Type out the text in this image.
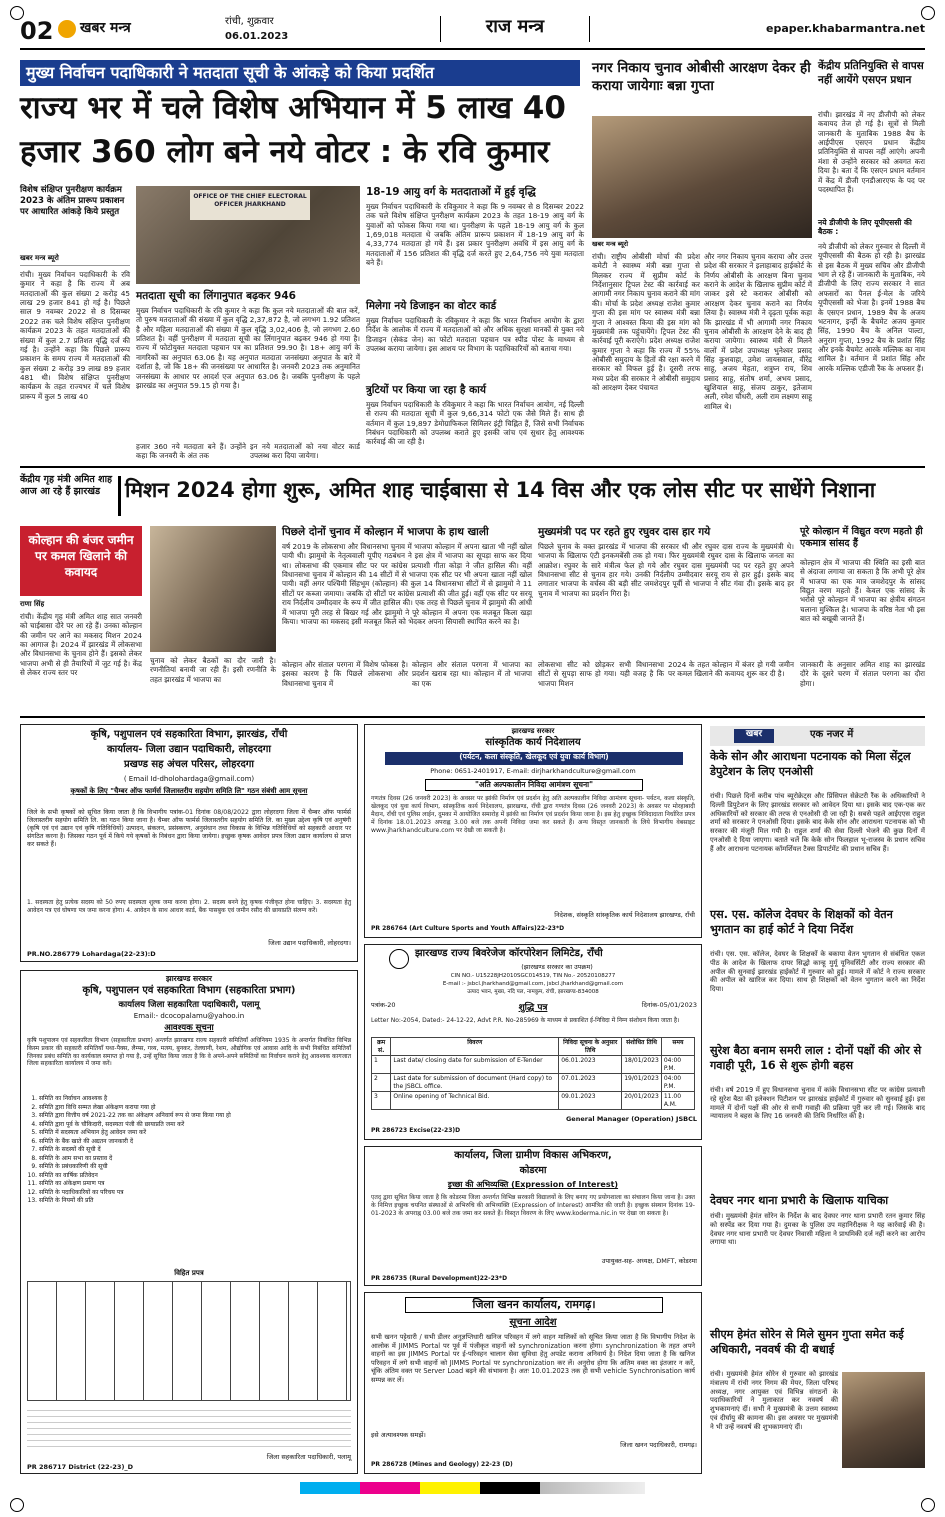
02 खबर मन्त्र	रांची, शुक्रवार
06.01.2023	राज मन्त्र	epaper.khabarmantra.net
मुख्य निर्वाचन पदाधिकारी ने मतदाता सूची के आंकड़े को किया प्रदर्शित
राज्य भर में चले विशेष अभियान में 5 लाख 40
हजार 360 लोग बने नये वोटर : के रवि कुमार
विशेष संक्षिप्त पुनरीक्षण कार्यक्रम 2023 के अंतिम प्रारूप प्रकाशन पर आधारित आंकड़े किये प्रस्तुत
खबर मन्त्र ब्यूरो
रांची। मुख्य निर्वाचन पदाधिकारी के रवि कुमार ने कहा है कि राज्य में अब मतदाताओं की कुल संख्या 2 करोड़ 45 लाख 29 हजार 841 हो गई है। पिछले साल 9 नवम्बर 2022 से 8 दिसम्बर 2022 तक चले विशेष संक्षिप्त पुनरीक्षण कार्यक्रम 2023 के तहत मतदाताओं की संख्या में कुल 2.7 प्रतिशत वृद्धि दर्ज की गई है। उन्होंने कहा कि पिछले प्रारूप प्रकाशन के समय राज्य में मतदाताओं की कुल संख्या 2 करोड़ 39 लाख 89 हजार 481 थी। विशेष संक्षिप्त पुनरीक्षण कार्यक्रम के तहत राज्यभर में चले विशेष प्रारूप में कुल 5 लाख 40
OFFICE OF THE CHIEF ELECTORAL OFFICER JHARKHAND
मतदाता सूची का लिंगानुपात बढ़कर 946
मुख्य निर्वाचन पदाधिकारी के रवि कुमार ने कहा कि कुल नये मतदाताओं की बात करें, तो पुरुष मतदाताओं की संख्या में कुल वृद्धि 2,37,872 है, जो लगभग 1.92 प्रतिशत है और महिला मतदाताओं की संख्या में कुल वृद्धि 3,02,406 है, जो लगभग 2.60 प्रतिशत है। वहीं पुनरीक्षण में मतदाता सूची का लिंगानुपात बढ़कर 946 हो गया है। राज्य में फोटोयुक्त मतदाता पहचान पत्र का प्रतिशत 99.90 है। 18+ आयु वर्ग के नागरिकों का अनुपात 63.06 है। यह अनुपात मतदाता जनसंख्या अनुपात के बारे में दर्शाता है, जो कि 18+ की जनसंख्या पर आधारित है। जनवरी 2023 तक अनुमानित जनसंख्या के आधार पर आदर्श एज अनुपात 63.06 है। जबकि पुनरीक्षण के पहले झारखंड का अनुपात 59.15 हो गया है।
हजार 360 नये मतदाता बने हैं। उन्होंने कहा कि जनवरी के अंत तक
इन नये मतदाताओं को नया वोटर कार्ड उपलब्ध करा दिया जायेगा।
18-19 आयु वर्ग के मतदाताओं में हुई वृद्धि
मुख्य निर्वाचन पदाधिकारी के रविकुमार ने कहा कि 9 नवम्बर से 8 दिसम्बर 2022 तक चले विशेष संक्षिप्त पुनरीक्षण कार्यक्रम 2023 के तहत 18-19 आयु वर्ग के युवाओं को फोकस किया गया था। पुनरीक्षण के पहले 18-19 आयु वर्ग के कुल 1,69,018 मतदाता थे जबकि अंतिम प्रारूप प्रकाशन में 18-19 आयु वर्ग के 4,33,774 मतदाता हो गये हैं। इस प्रकार पुनरीक्षण अवधि में इस आयु वर्ग के मतदाताओं में 156 प्रतिशत की वृद्धि दर्ज करते हुए 2,64,756 नये युवा मतदाता बने हैं।
मिलेगा नये डिजाइन का वोटर कार्ड
मुख्य निर्वाचन पदाधिकारी के रविकुमार ने कहा कि भारत निर्वाचन आयोग के द्वारा निर्देश के आलोक में राज्य में मतदाताओं को और अधिक सुरक्षा मानकों से युक्त नये डिजाइन (सेकंड जेन) का फोटो मतदाता पहचान पत्र स्पीड पोस्ट के माध्यम से उपलब्ध कराया जायेगा। इस आशय पर विभाग के पदाधिकारियों को बताया गया।
त्रुटियों पर किया जा रहा है कार्य
मुख्य निर्वाचन पदाधिकारी के रविकुमार ने कहा कि भारत निर्वाचन आयोग, नई दिल्ली से राज्य की मतदाता सूची में कुल 9,66,314 फोटो एक जैसे मिले हैं। साथ ही वर्तमान में कुल 19,897 डेमोग्राफिकल सिमिलर इंट्री चिह्नित हैं, जिसे सभी निर्वाचक निबंधन पदाधिकारी को उपलब्ध कराते हुए इसकी जांच एवं सुधार हेतु आवश्यक कार्रवाई की जा रही है।
नगर निकाय चुनाव ओबीसी आरक्षण देकर ही कराया जायेगाः बन्ना गुप्ता
खबर मन्त्र ब्यूरो
रांची। राष्ट्रीय ओबीसी मोर्चा की प्रदेश कमेटी ने स्वास्थ्य मंत्री बन्ना गुप्ता से मिलकर राज्य में सुप्रीम कोर्ट के निर्देशानुसार ट्रिपल टेस्ट की कार्रवाई कर आगामी नगर निकाय चुनाव कराने की मांग की। मोर्चा के प्रदेश अध्यक्ष राजेश कुमार गुप्ता की इस मांग पर स्वास्थ्य मंत्री बन्ना गुप्ता ने आश्वस्त किया की इस मांग को मुख्यमंत्री तक पहुंचायेंगे। ट्रिपल टेस्ट की कार्रवाई पूरी कराएंगे। प्रदेश अध्यक्ष राजेश कुमार गुप्ता ने कहा कि राज्य में 55% ओबीसी समुदाय के हितों की रक्षा करने में सरकार को विफल हुई है। दूसरी तरफ मध्य प्रदेश की सरकार ने ओबीसी समुदाय को आरक्षण देकर पंचायत
और नगर निकाय चुनाव कराया और उत्तर प्रदेश की सरकार ने इलाहाबाद हाईकोर्ट के निर्णय ओबीसी के आरक्षण बिना चुनाव कराने के आदेश के खिलाफ सुप्रीम कोर्ट में जाकर इसे स्टे कराकर ओबीसी को आरक्षण देकर चुनाव कराने का निर्णय लिया है। स्वास्थ्य मंत्री ने दृढ़ता पूर्वक कहा कि झारखंड में भी आगामी नगर निकाय चुनाव ओबीसी के आरक्षण देने के बाद ही कराया जायेगा। स्वास्थ्य मंत्री से मिलने वालों में प्रदेश उपाध्यक्ष भुनेश्वर प्रसाद सिंह कुशवाहा, उमेश जायसवाल, वीरेंद्र साहू, अजय मेहता, शत्रुघ्न राय, शिव प्रसाद साहू, संतोष शर्मा, अभय प्रसाद, खुशियाल साहू, संजय ठाकुर, इतेजाम अली, रमेश चौधरी, अली राम लक्ष्मण साहू शामिल थे।
केंद्रीय प्रतिनियुक्ति से वापस नहीं आयेंगे एसएन प्रधान
रांची। झारखंड में नए डीजीपी को लेकर कवायद तेज हो गई है। सूत्रों से मिली जानकारी के मुताबिक 1988 बैच के आईपीएस एसएन प्रधान केंद्रीय प्रतिनियुक्ति से वापस नहीं आएंगे। अपनी मंशा से उन्होंने सरकार को अवगत करा दिया है। बता दें कि एसएन प्रधान वर्तमान में केंद्र में डीजी एनडीआरएफ के पद पर पदस्थापित हैं।
नये डीजीपी के लिए यूपीएससी की बैठक :
नये डीजीपी को लेकर गुरुवार से दिल्ली में यूपीएससी की बैठक हो रही है। झारखंड से इस बैठक में मुख्य सचिव और डीजीपी भाग ले रहे हैं। जानकारी के मुताबिक, नये डीजीपी के लिए राज्य सरकार ने सात अफसरों का पैनल ई-मेल के जरिये यूपीएससी को भेजा है। इनमें 1988 बैच के एसएन प्रधान, 1989 बैच के अजय भटनागर, इन्हीं के बैचमेट अजय कुमार सिंह, 1990 बैच के अनिल पाल्टा, अनुराग गुप्ता, 1992 बैच के प्रशांत सिंह और इनके बैचमेट आरके मल्लिक का नाम शामिल है। वर्तमान में प्रशांत सिंह और आरके मल्लिक एडीजी रैंक के अफसर हैं।
केंद्रीय गृह मंत्री अमित शाह आज आ रहे हैं झारखंड	मिशन 2024 होगा शुरू, अमित शाह चाईबासा से 14 विस और एक लोस सीट पर साधेंगे निशाना
कोल्हान की बंजर जमीन पर कमल खिलाने की कवायद
राणा सिंह
रांची। केंद्रीय गृह मंत्री अमित शाह सात जनवरी को चाईबासा दौरे पर आ रहे हैं। उनका कोल्हान की जमीन पर आने का मकसद मिशन 2024 का आगाज है। 2024 में झारखंड में लोकसभा और विधानसभा के चुनाव होने हैं। इसको लेकर भाजपा अभी से ही तैयारियों में जुट गई है। केंद्र से लेकर राज्य स्तर पर
चुनाव को लेकर बैठकों का दौर जारी है। रणनीतियां बनायी जा रही हैं। इसी रणनीति के तहत झारखंड में भाजपा का
पिछले दोनों चुनाव में कोल्हान में भाजपा के हाथ खाली
वर्ष 2019 के लोकसभा और विधानसभा चुनाव में भाजपा कोल्हान में अपना खाता भी नहीं खोल पायी थी। झामुमो के नेतृत्ववाली यूपीए गठबंधन ने इस क्षेत्र में भाजपा का सूपड़ा साफ कर दिया था। लोकसभा की एकमात्र सीट पर पर कांग्रेस प्रत्याशी गीता कोड़ा ने जीत हासिल की। वहीं विधानसभा चुनाव में कोल्हान की 14 सीटों में से भाजपा एक सीट पर भी अपना खाता नहीं खोल पायी। वहीं अगर पश्चिमी सिंहभूम (कोल्हान) की कुल 14 विधानसभा सीटों में से झामुमो ने 11 सीटों पर कब्जा जमाया। जबकि दो सीटों पर कांग्रेस प्रत्याशी की जीत हुई। वहीं एक सीट पर सरयू राय निर्दलीय उम्मीदवार के रूप में जीत हासिल की। एक तरह से पिछले चुनाव में झामुमो की आंधी में भाजपा पूरी तरह से बिखर गई और झामुमो ने पूरे कोल्हान में अपना एक मजबूत किला खड़ा किया। भाजपा का मकसद इसी मजबूत किले को भेदकर अपना सियासी स्थापित करने का है।
मुख्यमंत्री पद पर रहते हुए रघुवर दास हार गये
पिछले चुनाव के वक्त झारखंड में भाजपा की सरकार थी और रघुवर दास राज्य के मुख्यमंत्री थे। भाजपा के खिलाफ एंटी इनकमबेंसी तक हो गया। फिर मुख्यमंत्री रघुवर दास के खिलाफ जनता का आक्रोश। रघुवर के सारे मंत्रीत्व फेल हो गये और रघुवर दास मुख्यमंत्री पद पर रहते हुए अपने विधानसभा सीट से चुनाव हार गये। उनकी निर्दलीय उम्मीदवार सरयू राय से हार हुई। इसके बाद लगातार भाजपा के वर्चस्व की बड़ी सीट जमशेदपुर पूर्वी से भाजपा ने सीट गंवा दी। इसके बाद हर चुनाव में भाजपा का प्रदर्शन गिरा है।
पूरे कोल्हान में विद्युत वरण महतो ही एकमात्र सांसद हैं
कोल्हान क्षेत्र में भाजपा की स्थिति का इसी बात से अंदाजा लगाया जा सकता है कि अभी पूरे क्षेत्र में भाजपा का एक मात्र जमशेदपुर के सांसद विद्युत वरण महतो हैं। केवल एक सांसद के भरोसे पूरे कोल्हान में भाजपा का क्षेत्रीय संगठन चलाना मुश्किल है। भाजपा के वरिष्ठ नेता भी इस बात को बखूबी जानते हैं।
कोल्हान और संताल परगना में विशेष फोकस है। इसका कारण है कि पिछले लोकसभा और विधानसभा चुनाव में
कोल्हान और संताल परगना में भाजपा का प्रदर्शन खराब रहा था। कोल्हान में तो भाजपा का एक
लोकसभा सीट को छोड़कर सभी विधानसभा सीटों से सुपड़ा साफ हो गया। यही वजह है कि भाजपा मिशन
2024 के तहत कोल्हान में बंजर हो गयी जमीन पर कमल खिलाने की कवायद शुरू कर दी है।
जानकारी के अनुसार अमित शाह का झारखंड दौरे के दूसरे चरण में संताल परगना का दौरा होगा।
कृषि, पशुपालन एवं सहकारिता विभाग, झारखंड, राँची
कार्यालय- जिला उद्यान पदाधिकारी, लोहरदगा
प्रखण्ड सह अंचल परिसर, लोहरदगा
( Email Id-dholohardaga@gmail.com)
कृषकों के लिए "चैम्बर ऑफ फार्मर्स जिलास्तरीय सहयोग समिति लि" गठन संबंधी आम सूचना
जिले के सभी कृषकों को सूचित किया जाता है कि विभागीय पत्रांक-01 दिनांक 08/08/2022 द्वारा लोहरदगा जिला में चैम्बर ऑफ फार्मर्स जिलास्तरीय सहयोग समिति लि. का गठन किया जाना है। चैम्बर ऑफ फार्मर्स जिलास्तरीय सहयोग समिति लि. का मुख्य उद्देश्य कृषि एवं अनुषंगी (कृषि एवं एवं उद्यान एवं कृषि गतिविधियों) उत्पादन, संकलन, प्रसंस्करण, अनुसंधान तथा विकास के विभिन्न गतिविधियों को सहकारी आधार पर संगठित करना है। जिसका गठन पूर्व में किये गये कृषकों के निबंधन द्वारा किया जायेगा। इच्छुक कृषक आवेदन प्रपत्र जिला उद्यान कार्यालय से प्राप्त कर सकते हैं।
1. सदस्यता हेतु प्रत्येक सदस्य को 50 रुपए सदस्यता शुल्क जमा करना होगा। 2. सदस्य बनने हेतु कृषक पंजीकृत होना चाहिए। 3. सदस्यता हेतु आवेदन पत्र एवं घोषणा पत्र जमा करना होगा। 4. आवेदन के साथ आधार कार्ड, बैंक पासबुक एवं जमीन रसीद की छायाप्रति संलग्न करें।
जिला उद्यान पदाधिकारी, लोहरदगा।
PR.NO.286779 Lohardaga(22-23):D
झारखण्ड सरकार
कृषि, पशुपालन एवं सहकारिता विभाग (सहकारिता प्रभाग)
कार्यालय जिला सहकारिता पदाधिकारी, पलामू
Email:- dcocopalamu@yahoo.in
आवश्यक सूचना
कृषि पशुपालन एवं सहकारिता विभाग (सहकारिता प्रभाग) अन्तर्गत झारखण्ड राज्य सहकारी समितियाँ अधिनियम 1935 के अन्तर्गत निबंधित विभिन्न किस्म प्रकार की सहकारी समितियाँ यथा-पैक्स, लैम्प्स, गव्य, मत्स्य, बुनकर, तेलघानी, रेशम, औद्योगिक एवं आवास आदि के सभी निबंधित समितियाँ जिनका प्रबंध समिति का कार्यकाल समाप्त हो गया है, उन्हें सूचित किया जाता है कि वे अपने-अपने समितियों का निर्वाचन कराने हेतु आवश्यक कागजात जिला सहकारिता कार्यालय में जमा करें।
1. समिति का निर्वाचन आवश्यक है
2. समिति द्वारा विधि सम्मत लेखा अंकेक्षण कराया गया हो
3. समिति द्वारा वित्तीय वर्ष 2021-22 तक का अंकेक्षण अनिवार्य रूप से जमा किया गया हो
4. समिति द्वारा पूर्व के चौकिदारी, सदस्यता पंजी की छायाप्रति जमा करें
5. समिति में सदस्यता अभियान हेतु आवेदन जमा करें
6. समिति के बैंक खाते की अद्यतन जानकारी दें
7. समिति के सदस्यों की सूची दें
8. समिति के आम सभा का प्रस्ताव दें
9. समिति के प्रबंधकारिणी की सूची
10. समिति का वार्षिक प्रतिवेदन
11. समिति का अंकेक्षण प्रमाण पत्र
12. समिति के पदाधिकारियों का परिचय पत्र
13. समिति के नियमों की प्रति
विहित प्रपत्र
जिला सहकारिता पदाधिकारी, पलामू
PR 286717 District (22-23)_D
झारखण्ड सरकार
सांस्कृतिक कार्य निदेशालय
(पर्यटन, कला संस्कृति, खेलकूद एवं युवा कार्य विभाग)
Phone: 0651-2401917, E-mail: dirjharkhandculture@gmail.com
"अति अल्पकालीन निविदा आमंत्रण सूचना"
गणतंत्र दिवस (26 जनवरी 2023) के अवसर पर झांकी निर्माण एवं प्रदर्शन हेतु अति अल्पकालीन निविदा आमंत्रण सूचना- पर्यटन, कला संस्कृति, खेलकूद एवं युवा कार्य विभाग, सांस्कृतिक कार्य निदेशालय, झारखण्ड, राँची द्वारा गणतंत्र दिवस (26 जनवरी 2023) के अवसर पर मोरहाबादी मैदान, राँची एवं पुलिस लाईन, दुमका में आयोजित समारोह में झांकी का निर्माण एवं प्रदर्शन किया जाना है। इस हेतु इच्छुक निविदादाता निर्धारित प्रपत्र में दिनांक 18.01.2023 अपराह्न 3.00 बजे तक अपनी निविदा जमा कर सकते हैं। अन्य विस्तृत जानकारी के लिये विभागीय वेबसाइट www.jharkhandculture.com पर देखी जा सकती है।
निदेशक, संस्कृति सांस्कृतिक कार्य निदेशालय झारखण्ड, राँची
PR 286764 (Art Culture Sports and Youth Affairs)22-23*D
झारखण्ड राज्य बिवरेजेज कॉरपोरेशन लिमिटेड, राँची
(झारखण्ड सरकार का उपक्रम)
CIN NO.- U15228JH2010SGC014519, TIN No.- 20520108277
E-mail :- jsbcl.jharkhand@gmail.com, jsbcl.jharkhand@gmail.com
उत्पाद भवन, मुख्य, नदि पल, नामकुम, रांची, झारखण्ड-834008
पत्रांक-20	दिनांक-05/01/2023
शुद्धि पत्र
Letter No:-2054, Dated:- 24-12-22, Advt P.R. No-285969 के माध्यम से प्रकाशित ई-निविदा में निम्न संशोधन किया जाता है।
क्रम सं.	विवरण	निविदा सूचना के अनुसार तिथि	संशोधित तिथि	समय
1	Last date/ closing date for submission of E-Tender	06.01.2023	18/01/2023	04:00 P.M.
2	Last date for submission of document (Hard copy) to the JSBCL office.	07.01.2023	19/01/2023	04:00 P.M.
3	Online opening of Technical Bid.	09.01.2023	20/01/2023	11.00 A.M.
General Manager (Operation) JSBCL
PR 286723 Excise(22-23)D
कार्यालय, जिला ग्रामीण विकास अभिकरण,
कोडरमा
इच्छा की अभिव्यक्ति (Expression of Interest)
एतद् द्वारा सूचित किया जाता है कि कोडरमा जिला अन्तर्गत विभिन्न सरकारी विद्यालयों के लिए बनाए गए प्रयोगशाला का संचालन किया जाना है। उक्त के निमित्त इच्छुक चयनित संस्थाओं से अभिरुचि की अभिव्यक्ति (Expression of Interest) आमंत्रित की जाती है। इच्छुक संस्थान दिनांक 19-01-2023 के अपराह्न 03.00 बजे तक जमा कर सकते हैं। विस्तृत विवरण के लिए www.koderma.nic.in पर देखा जा सकता है।
उपायुक्त-सह- अध्यक्ष, DMFT, कोडरमा
PR 286735 (Rural Development)22-23*D
जिला खनन कार्यालय, रामगढ़।
सूचना आदेश
सभी खनन पट्टेधारी / सभी डीलर अनुज्ञप्तिधारी खनिज परिवहन में लगे वाहन मालिकों को सूचित किया जाता है कि विभागीय निदेश के आलोक में JIMMS Portal पर पूर्व में पंजीकृत वाहनों को synchronization करना होगा। synchronization के तहत अपने वाहनों का इस JIMMS Portal पर ई-परिवहन चालान सेवा सुविधा हेतु अपडेट कराना अनिवार्य है। निदेश दिया जाता है कि खनिज परिवहन में लगे सभी वाहनों को JIMMS Portal पर synchronization कर लें। अनुरोध होगा कि अतिम वक्त का इंतजार न करें, चूंकि अंतिम वक्त पर Server Load बढ़ने की संभावना है। अतः 10.01.2023 तक ही सभी vehicle Synchronisation कार्य सम्पन्न कर लें।
इसे अत्यावश्यक समझें।
जिला खनन पदाधिकारी, रामगढ़।
PR 286728 (Mines and Geology) 22-23 (D)
खबर	एक नजर में
केके सोन और आराधना पटनायक को मिला सेंट्रल डेपुटेशन के लिए एनओसी
रांची। पिछले दिनों करीब पांच ब्यूरोक्रेट्स और प्रिंसिपल सेक्रेटरी रैंक के अधिकारियों ने दिल्ली डिपुटेशन के लिए झारखंड सरकार को आवेदन दिया था। इसके बाद एक-एक कर अधिकारियों को सरकार की तरफ से एनओसी दी जा रही है। सबसे पहले आईएएस राहुल शर्मा को सरकार ने एनओसी दिया। इसके बाद केके सोन और आराधना पटनायक को भी सरकार की मंजूरी मिल गयी है। राहुल शर्मा की सेवा दिल्ली भेजने की कुछ दिनों में एनओसी दे दिया जाएगा। बताते चलें कि केके सोन फिलहाल भू-राजस्व के प्रधान सचिव हैं और आराधना पटनायक कॉमर्शियल टैक्स डिपार्टमेंट की प्रधान सचिव हैं।
एस. एस. कॉलेज देवघर के शिक्षकों को वेतन भुगतान का हाई कोर्ट ने दिया निर्देश
रांची। एस. एस. कॉलेज, देवघर के शिक्षकों के बकाया वेतन भुगतान से संबंधित एकल पीठ के आदेश के खिलाफ दायर सिद्धो कान्हू मुर्मू यूनिवर्सिटी और राज्य सरकार की अपील की सुनवाई झारखंड हाईकोर्ट में गुरुवार को हुई। मामले में कोर्ट ने राज्य सरकार की अपील को खारिज कर दिया। साथ ही शिक्षकों को वेतन भुगतान करने का निर्देश दिया।
सुरेश बैठा बनाम समरी लाल : दोनों पक्षों की ओर से गवाही पूरी, 16 से शुरू होगी बहस
रांची। वर्ष 2019 में हुए विधानसभा चुनाव में कांके विधानसभा सीट पर कांग्रेस प्रत्याशी रहे सुरेश बैठा की इलेक्शन पिटीशन पर झारखंड हाईकोर्ट में गुरुवार को सुनवाई हुई। इस मामले में दोनों पक्षों की ओर से सभी गवाही की प्रक्रिया पूरी कर ली गई। जिसके बाद न्यायालय ने बहस के लिए 16 जनवरी की तिथि निर्धारित की है।
देवघर नगर थाना प्रभारी के खिलाफ याचिका
रांची। मुख्यमंत्री हेमंत सोरेन के निर्देश के बाद देवघर नगर थाना प्रभारी रतन कुमार सिंह को सस्पेंड कर दिया गया है। दुमका के पुलिस उप महानिरीक्षक ने यह कार्रवाई की है। देवघर नगर थाना प्रभारी पर देवघर निवासी महिला ने प्राथमिकी दर्ज नहीं करने का आरोप लगाया था।
सीएम हेमंत सोरेन से मिले सुमन गुप्ता समेत कई अधिकारी, नववर्ष की दी बधाई
रांची। मुख्यमंत्री हेमंत सोरेन से गुरुवार को झारखंड मंत्रालय में रांची नगर निगम की मेयर, जिला परिषद अध्यक्ष, नगर आयुक्त एवं विभिन्न संगठनों के पदाधिकारियों ने मुलाकात कर नववर्ष की शुभकामनाएं दीं। सभी ने मुख्यमंत्री के उत्तम स्वास्थ्य एवं दीर्घायु की कामना की। इस अवसर पर मुख्यमंत्री ने भी उन्हें नववर्ष की शुभकामनाएं दीं।
